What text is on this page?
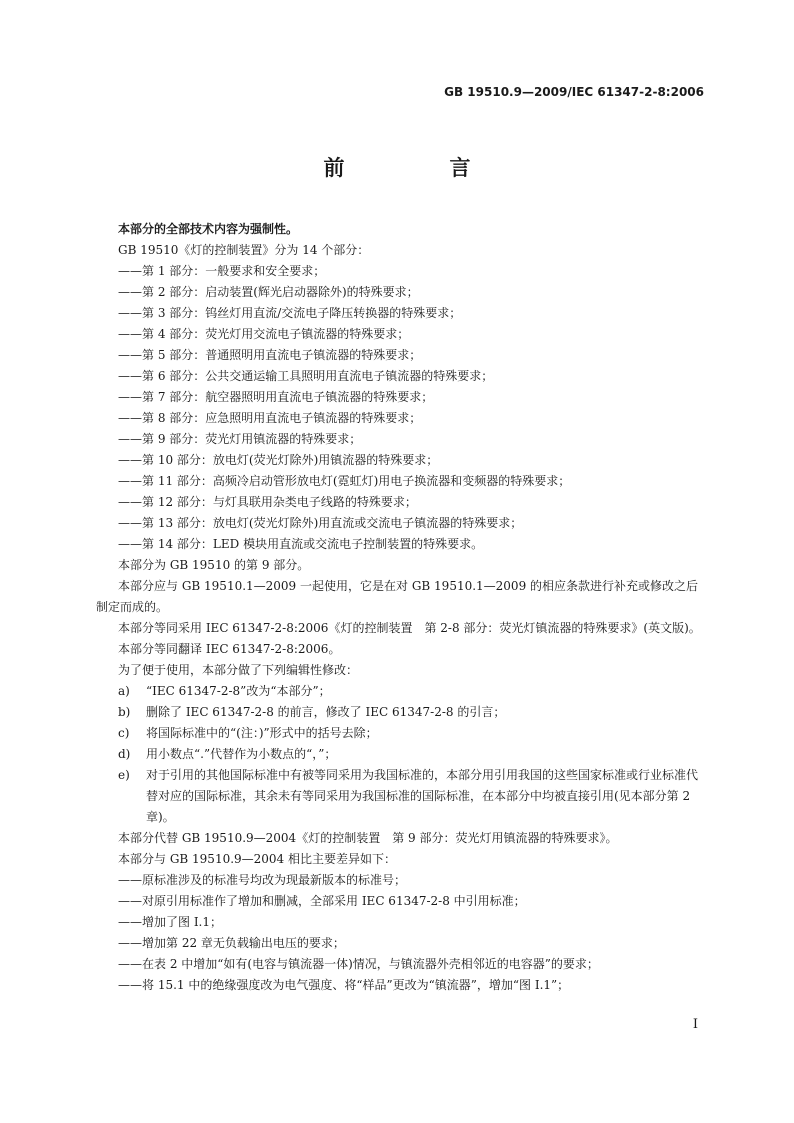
GB 19510.9—2009/IEC 61347-2-8:2006
前　言

本部分的全部技术内容为强制性。

GB 19510《灯的控制装置》分为 14 个部分：

——第 1 部分：一般要求和安全要求；

——第 2 部分：启动装置(辉光启动器除外)的特殊要求；

——第 3 部分：钨丝灯用直流/交流电子降压转换器的特殊要求；

——第 4 部分：荧光灯用交流电子镇流器的特殊要求；

——第 5 部分：普通照明用直流电子镇流器的特殊要求；

——第 6 部分：公共交通运输工具照明用直流电子镇流器的特殊要求；

——第 7 部分：航空器照明用直流电子镇流器的特殊要求；

——第 8 部分：应急照明用直流电子镇流器的特殊要求；

——第 9 部分：荧光灯用镇流器的特殊要求；

——第 10 部分：放电灯(荧光灯除外)用镇流器的特殊要求；

——第 11 部分：高频冷启动管形放电灯(霓虹灯)用电子换流器和变频器的特殊要求；

——第 12 部分：与灯具联用杂类电子线路的特殊要求；

——第 13 部分：放电灯(荧光灯除外)用直流或交流电子镇流器的特殊要求；

——第 14 部分：LED 模块用直流或交流电子控制装置的特殊要求。

本部分为 GB 19510 的第 9 部分。

本部分应与 GB 19510.1—2009 一起使用，它是在对 GB 19510.1—2009 的相应条款进行补充或修改之后制定而成的。

本部分等同采用 IEC 61347-2-8:2006《灯的控制装置　第 2-8 部分：荧光灯镇流器的特殊要求》(英文版)。

本部分等同翻译 IEC 61347-2-8:2006。

为了便于使用，本部分做了下列编辑性修改：

a) “IEC 61347-2-8”改为“本部分”；
b) 删除了 IEC 61347-2-8 的前言，修改了 IEC 61347-2-8 的引言；
c) 将国际标准中的“(注：)”形式中的括号去除；
d) 用小数点“.”代替作为小数点的“，”；
e) 对于引用的其他国际标准中有被等同采用为我国标准的，本部分用引用我国的这些国家标准或行业标准代替对应的国际标准，其余未有等同采用为我国标准的国际标准，在本部分中均被直接引用(见本部分第 2 章)。

本部分代替 GB 19510.9—2004《灯的控制装置　第 9 部分：荧光灯用镇流器的特殊要求》。

本部分与 GB 19510.9—2004 相比主要差异如下：

——原标准涉及的标准号均改为现最新版本的标准号；

——对原引用标准作了增加和删减，全部采用 IEC 61347-2-8 中引用标准；

——增加了图 I.1；

——增加第 22 章无负载输出电压的要求；

——在表 2 中增加“如有(电容与镇流器一体)情况，与镇流器外壳相邻近的电容器”的要求；

——将 15.1 中的绝缘强度改为电气强度、将“样品”更改为“镇流器”，增加“图 I.1”；

I
